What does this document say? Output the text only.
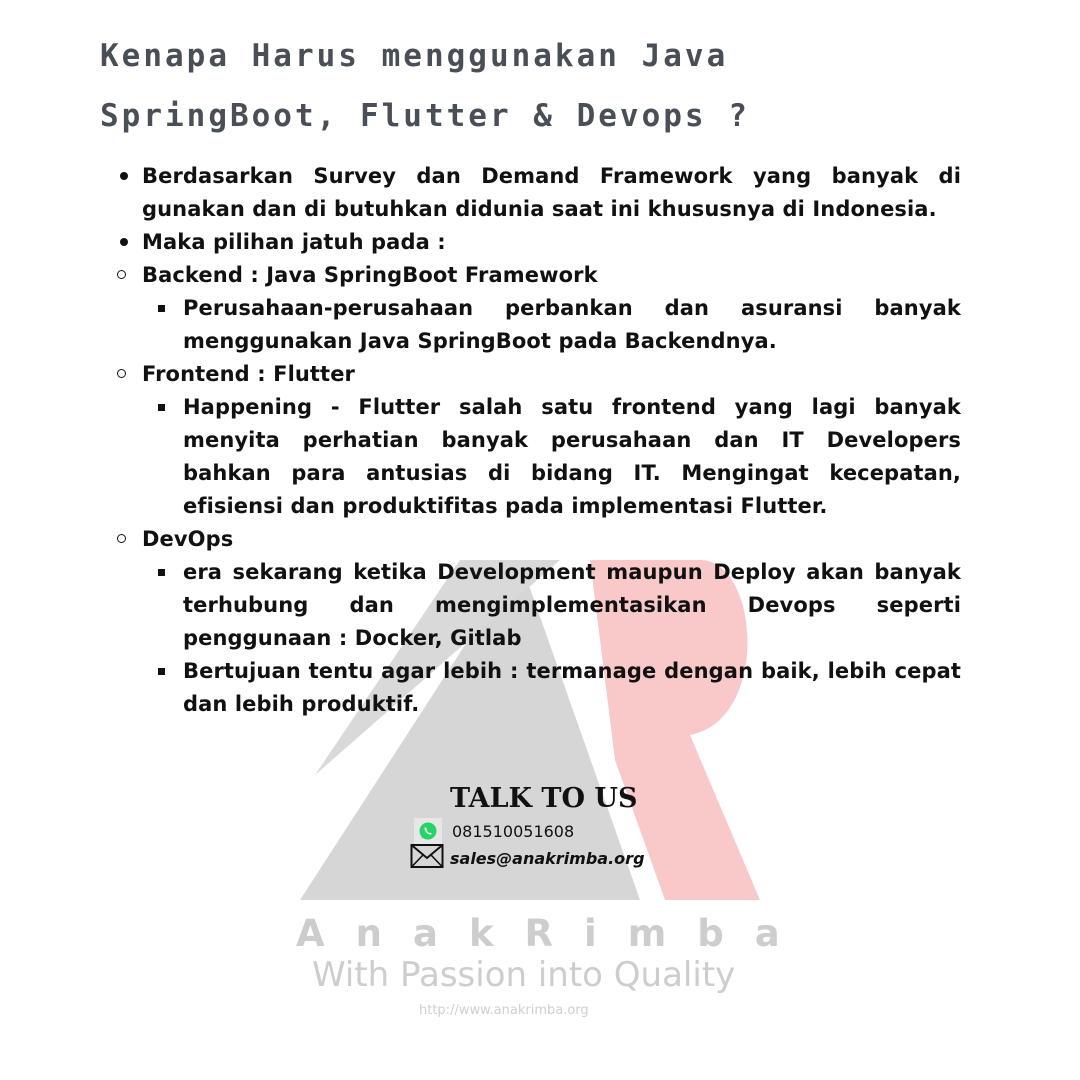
Kenapa Harus menggunakan Java
SpringBoot, Flutter & Devops ?
Berdasarkan Survey dan Demand Framework yang banyak di gunakan dan di butuhkan didunia saat ini khususnya di Indonesia.
Maka pilihan jatuh pada :
Backend : Java SpringBoot Framework
Perusahaan-perusahaan perbankan dan asuransi banyak menggunakan Java SpringBoot pada Backendnya.
Frontend : Flutter
Happening - Flutter salah satu frontend yang lagi banyak menyita perhatian banyak perusahaan dan IT Developers bahkan para antusias di bidang IT. Mengingat kecepatan, efisiensi dan produktifitas pada implementasi Flutter.
DevOps
era sekarang ketika Development maupun Deploy akan banyak terhubung dan mengimplementasikan Devops seperti penggunaan : Docker, Gitlab
Bertujuan tentu agar lebih : termanage dengan baik, lebih cepat dan lebih produktif.
TALK TO US
081510051608
sales@anakrimba.org

AnakRimba

With Passion into Quality

http://www.anakrimba.org
